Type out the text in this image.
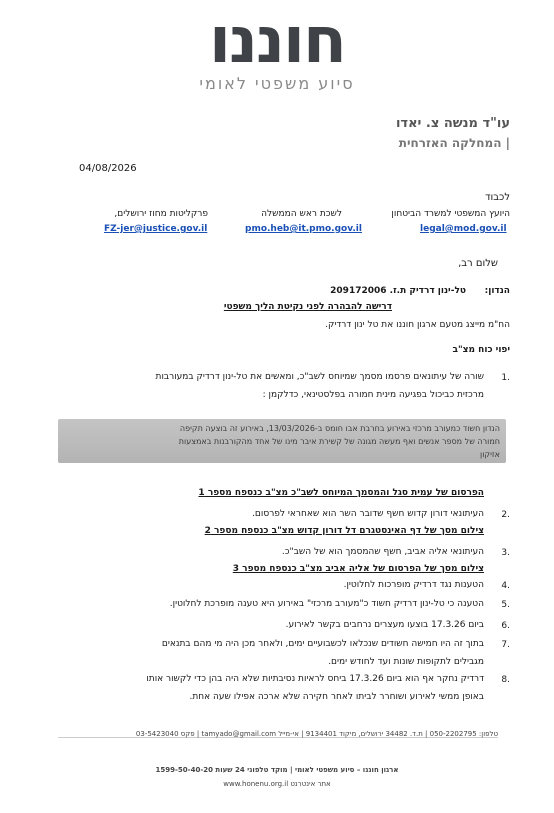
חוננו
סיוע משפטי לאומי
עו"ד מנשה צ. יאדו
| המחלקה האזרחית
04/08/2026
לכבוד
היועץ המשפטי למשרד הביטחון
לשכת ראש הממשלה
פרקליטות מחוז ירושלים,
legal@mod.gov.il
pmo.heb@it.pmo.gov.il
FZ-jer@justice.gov.il
שלום רב,
הנדון:
טל-ינון דרדיק ת.ז. 209172006
דרישה להבהרה לפני נקיטת הליך משפטי
הח"מ מייצג מטעם ארגון חוננו את טל ינון דרדיק.
יפוי כוח מצ"ב
1.
שורה של עיתונאים פרסמו מסמך שמיוחס לשב"כ, ומאשים את טל-ינון דרדיק במעורבות
מרכזית כביכול בפגיעה מינית חמורה בפלסטינאי, כדלקמן :
הנדון חשוד כמעורב מרכזי באירוע בחרבת אבו חומס ב-13/03/2026, באירוע זה בוצעה תקיפה
חמורה של מספר אנשים ואף מעשה מגונה של קשירת איבר מינו של אחד מהקורבנות באמצעות
אזיקון
הפרסום של עמית סגל והמסמך המיוחס לשב"כ מצ"ב כנספח מספר 1
2.
העיתונאי דורון קדוש חשף שדובר השר הוא שאחראי לפרסום.
צילום מסך של דף האינסטגרם דל דורון קדוש מצ"ב כנספח מספר 2
3.
העיתונאי אליה אביב, חשף שהמסמך הוא של השב"כ.
צילום מסך של הפרסום של אליה אביב מצ"ב כנספח מספר 3
4.
הטענות נגד דרדיק מופרכות לחלוטין.
5.
הטענה כי טל-ינון דרדיק חשוד כ"מעורב מרכזי" באירוע היא טענה מופרכת לחלוטין.
6.
ביום 17.3.26 בוצעו מעצרים נרחבים בקשר לאירוע.
7.
בתוך זה היו חמישה חשודים שנכלאו לכשבועיים ימים, ולאחר מכן היה מי מהם בתנאים
מגבילים לתקופות שונות ועד לחודש ימים.
8.
דרדיק נחקר אף הוא ביום 17.3.26 ביחס לראיות נסיבתיות שלא היה בהן כדי לקשור אותו
באופן ממשי לאירוע ושוחרר לביתו לאחר חקירה שלא ארכה אפילו שעה אחת.
טלפון: 050-2202795 | ת.ד. 34482 ירושלים, מיקוד 9134401 | אי-מייל tamyado@gmail.com | פקס 03-5423040
ארגון חוננו – סיוע משפטי לאומי | מוקד טלפוני 24 שעות 1599-50-40-20
אתר אינטרנט www.honenu.org.il
